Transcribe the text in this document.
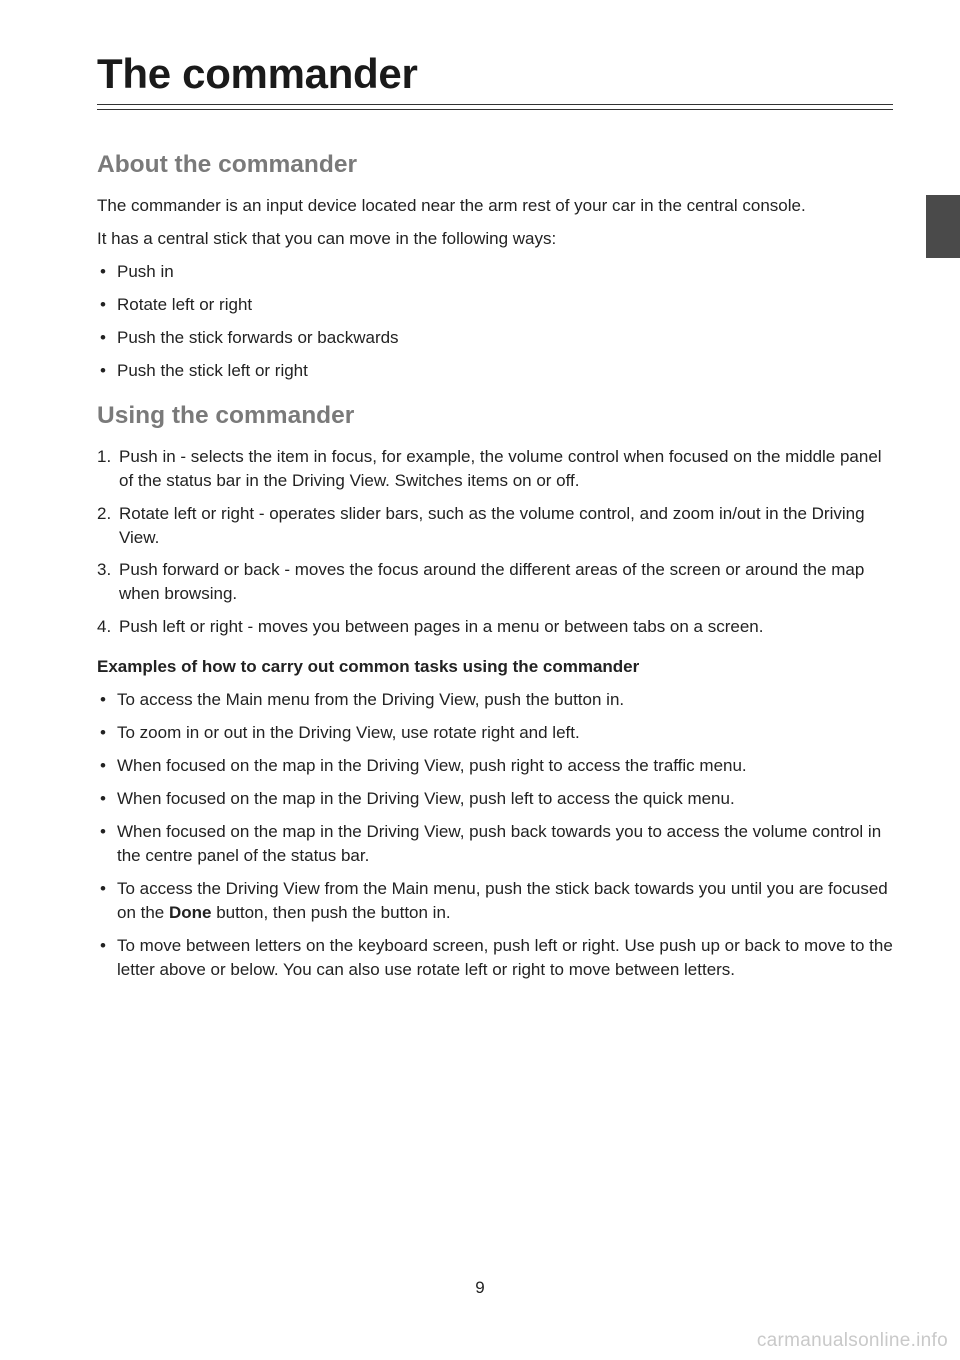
The commander
About the commander

The commander is an input device located near the arm rest of your car in the central console.

It has a central stick that you can move in the following ways:

• Push in
• Rotate left or right
• Push the stick forwards or backwards
• Push the stick left or right
Using the commander
1. Push in - selects the item in focus, for example, the volume control when focused on the middle panel of the status bar in the Driving View. Switches items on or off.
2. Rotate left or right - operates slider bars, such as the volume control, and zoom in/out in the Driving View.
3. Push forward or back - moves the focus around the different areas of the screen or around the map when browsing.
4. Push left or right - moves you between pages in a menu or between tabs on a screen.
Examples of how to carry out common tasks using the commander
• To access the Main menu from the Driving View, push the button in.
• To zoom in or out in the Driving View, use rotate right and left.
• When focused on the map in the Driving View, push right to access the traffic menu.
• When focused on the map in the Driving View, push left to access the quick menu.
• When focused on the map in the Driving View, push back towards you to access the volume control in the centre panel of the status bar.
• To access the Driving View from the Main menu, push the stick back towards you until you are focused on the Done button, then push the button in.
• To move between letters on the keyboard screen, push left or right. Use push up or back to move to the letter above or below. You can also use rotate left or right to move between letters.
9
carmanualsonline.info
